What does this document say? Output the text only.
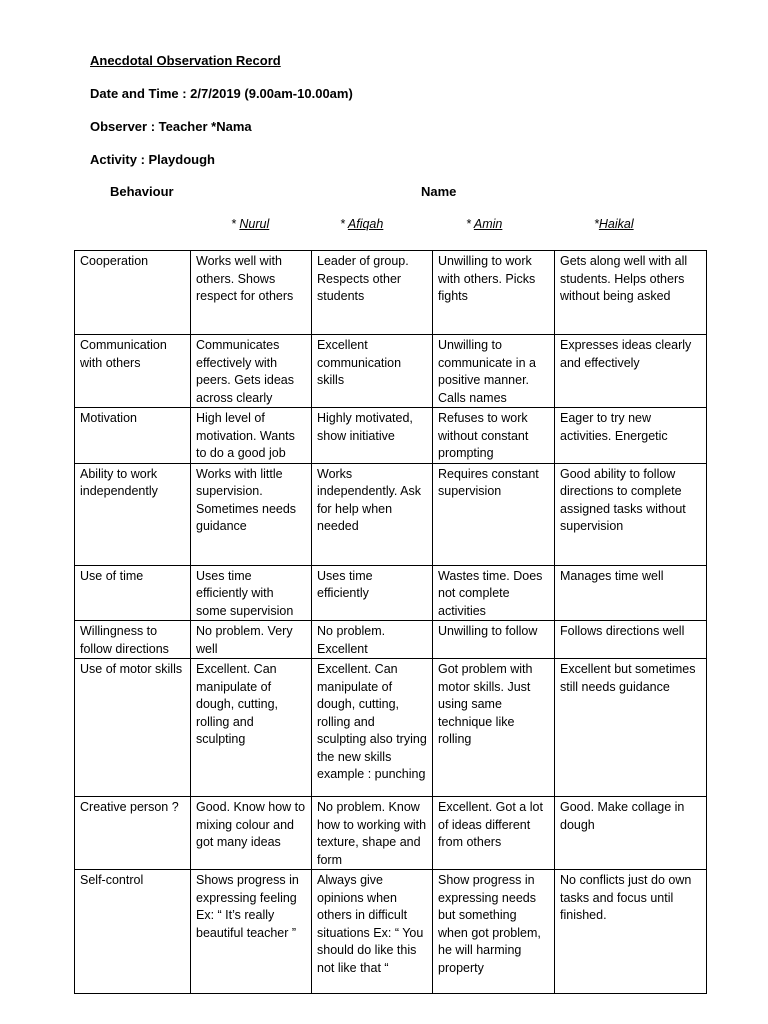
Anecdotal Observation Record
Date and Time : 2/7/2019 (9.00am-10.00am)
Observer : Teacher *Nama
Activity : Playdough
Behaviour	Name
* Nurul	* Afiqah	* Amin	*Haikal
Cooperation	Works well with others. Shows respect for others	Leader of group. Respects other students	Unwilling to work with others. Picks fights	Gets along well with all students. Helps others without being asked
Communication with others	Communicates effectively with peers. Gets ideas across clearly	Excellent communication skills	Unwilling to communicate in a positive manner. Calls names	Expresses ideas clearly and effectively
Motivation	High level of motivation. Wants to do a good job	Highly motivated, show initiative	Refuses to work without constant prompting	Eager to try new activities. Energetic
Ability to work independently	Works with little supervision. Sometimes needs guidance	Works independently. Ask for help when needed	Requires constant supervision	Good ability to follow directions to complete assigned tasks without supervision
Use of time	Uses time efficiently with some supervision	Uses time efficiently	Wastes time. Does not complete activities	Manages time well
Willingness to follow directions	No problem. Very well	No problem. Excellent	Unwilling to follow	Follows directions well
Use of motor skills	Excellent. Can manipulate of dough, cutting, rolling and sculpting	Excellent. Can manipulate of dough, cutting, rolling and sculpting also trying the new skills example : punching	Got problem with motor skills. Just using same technique like rolling	Excellent but sometimes still needs guidance
Creative person ?	Good. Know how to mixing colour and got many ideas	No problem. Know how to working with texture, shape and form	Excellent. Got a lot of ideas different from others	Good. Make collage in dough
Self-control	Shows progress in expressing feeling Ex: “ It’s really beautiful teacher ”	Always give opinions when others in difficult situations Ex: “ You should do like this not like that “	Show progress in expressing needs but something when got problem, he will harming property	No conflicts just do own tasks and focus until finished.
